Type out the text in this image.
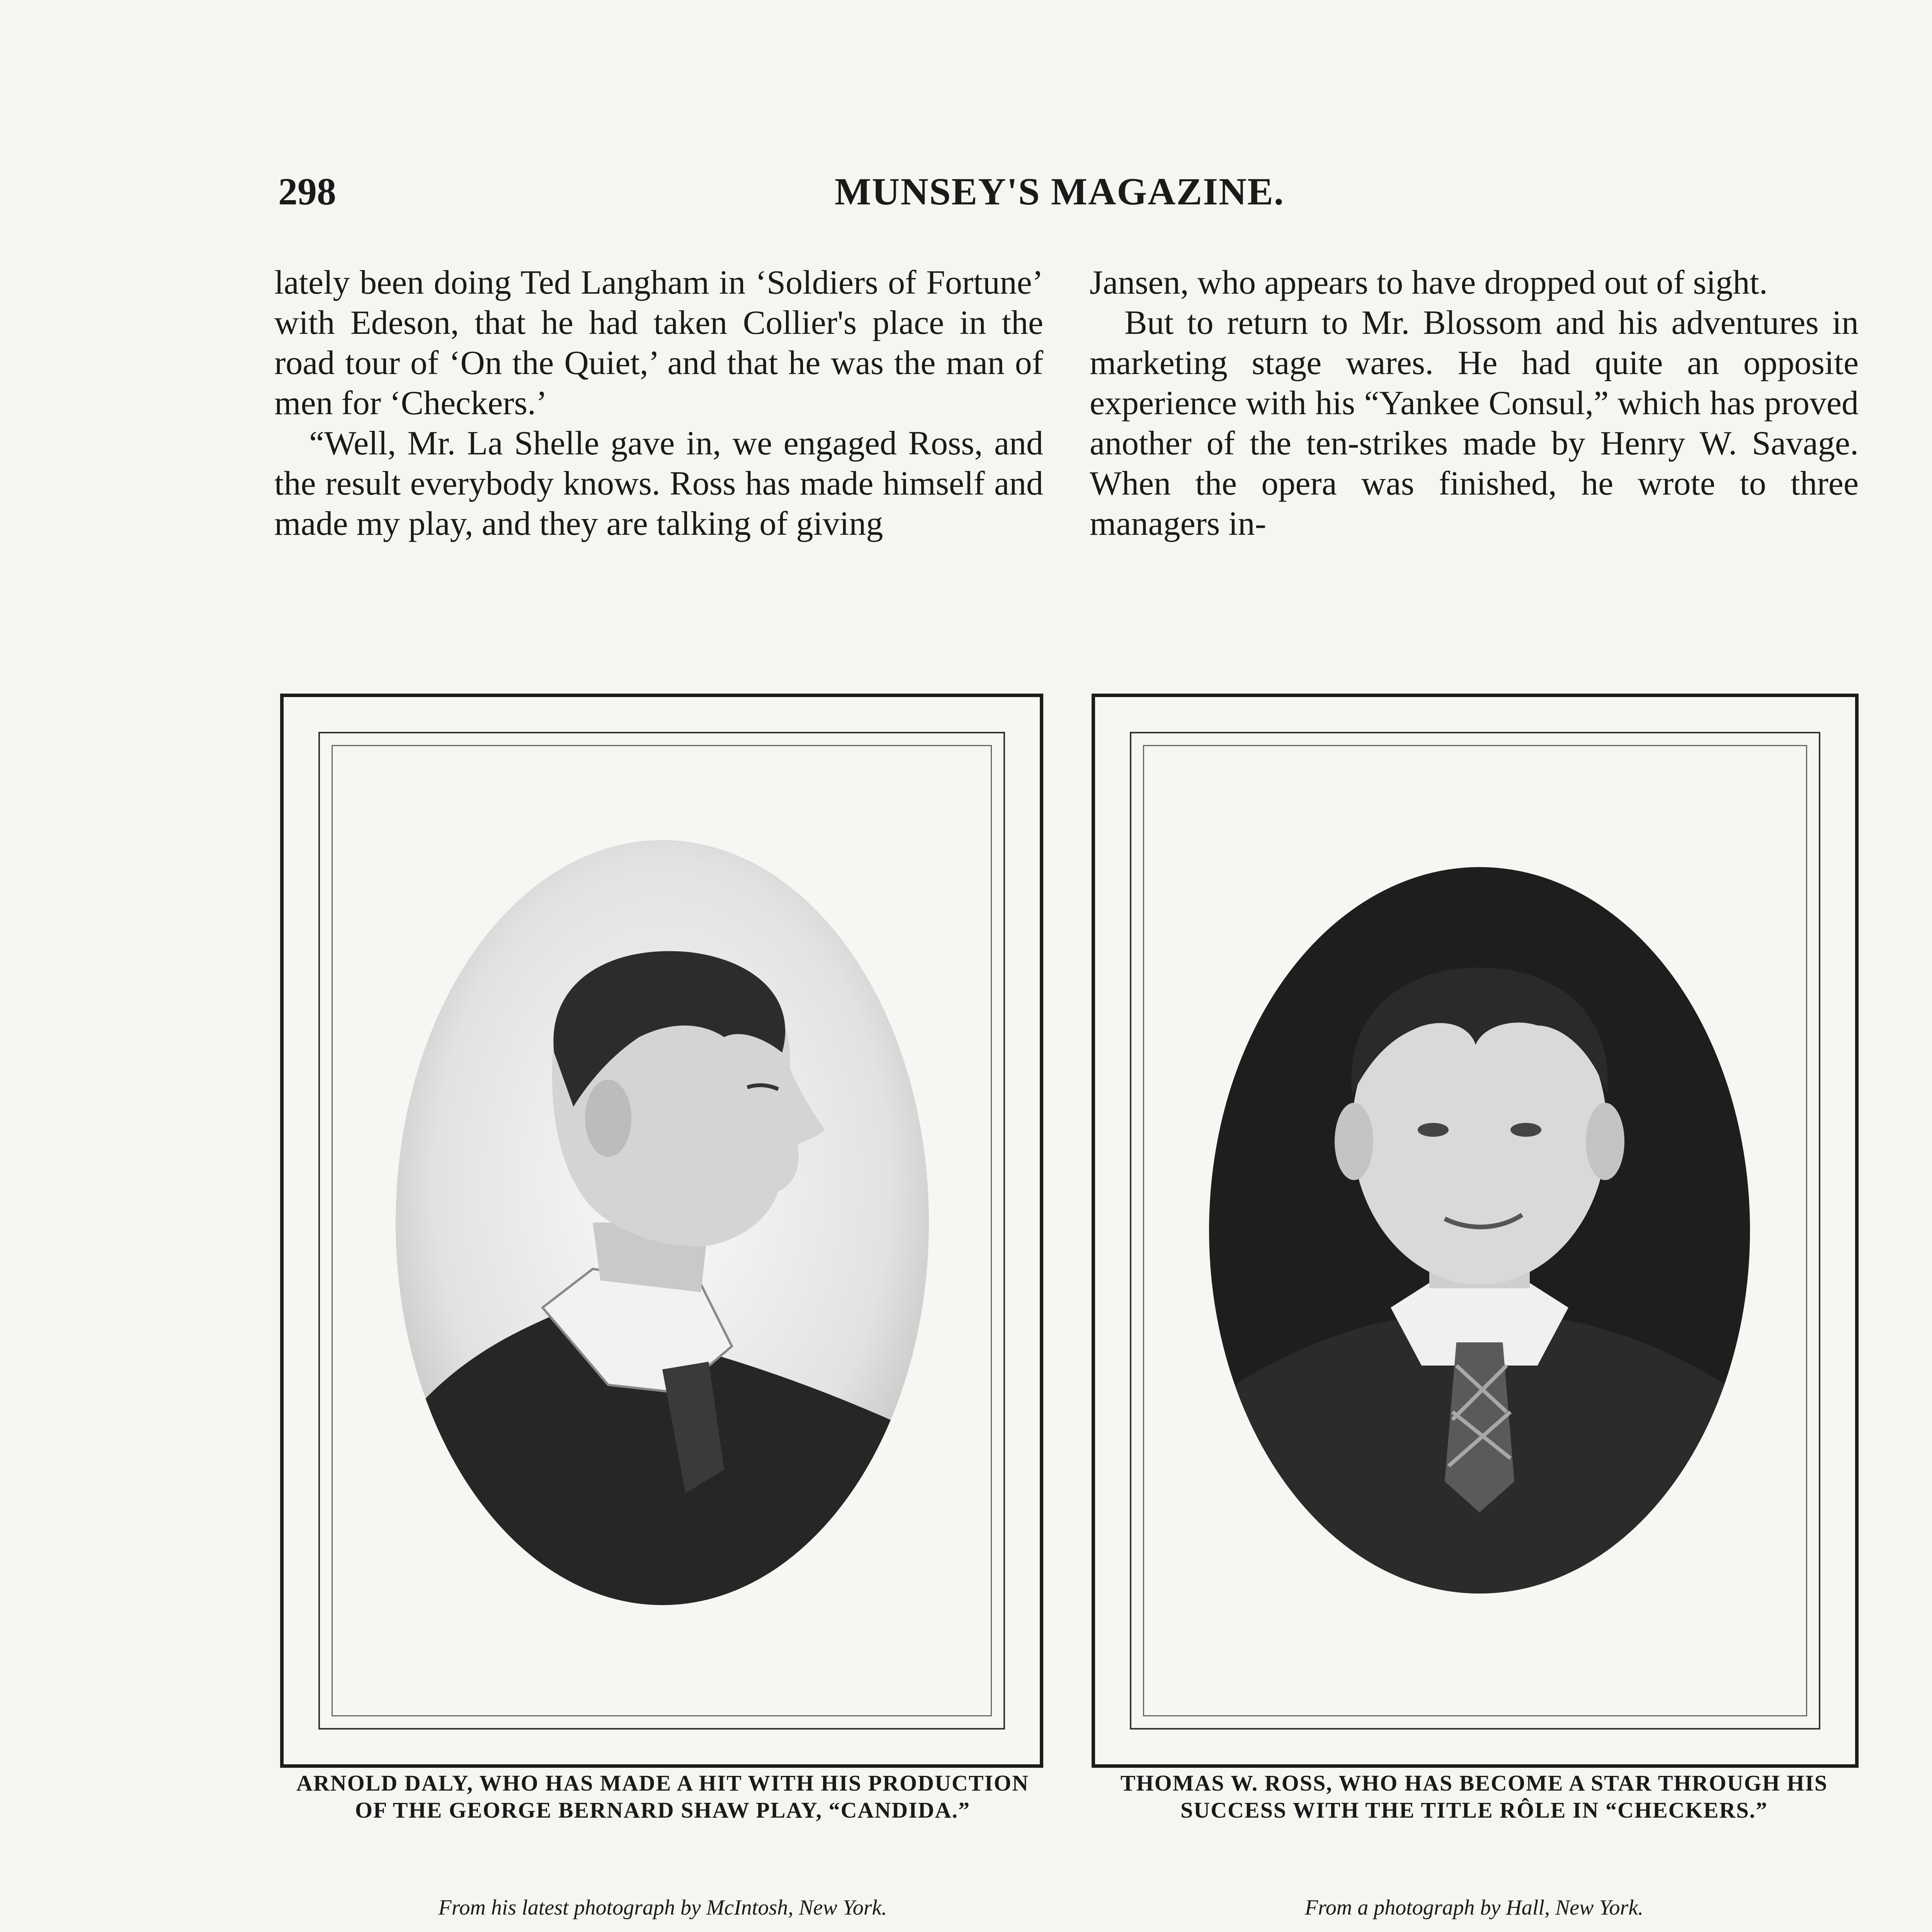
298	MUNSEY'S MAGAZINE.

lately been doing Ted Langham in ‘Soldiers of Fortune’ with Edeson, that he had taken Collier's place in the road tour of ‘On the Quiet,’ and that he was the man of men for ‘Checkers.’

“Well, Mr. La Shelle gave in, we engaged Ross, and the result everybody knows. Ross has made himself and made my play, and they are talking of giving

Jansen, who appears to have dropped out of sight.

But to return to Mr. Blossom and his adventures in marketing stage wares. He had quite an opposite experience with his “Yankee Consul,” which has proved another of the ten-strikes made by Henry W. Savage. When the opera was finished, he wrote to three managers in-

ARNOLD DALY, WHO HAS MADE A HIT WITH HIS PRODUCTION OF THE GEORGE BERNARD SHAW PLAY, “CANDIDA.”
From his latest photograph by McIntosh, New York.
THOMAS W. ROSS, WHO HAS BECOME A STAR THROUGH HIS SUCCESS WITH THE TITLE RÔLE IN “CHECKERS.”
From a photograph by Hall, New York.
